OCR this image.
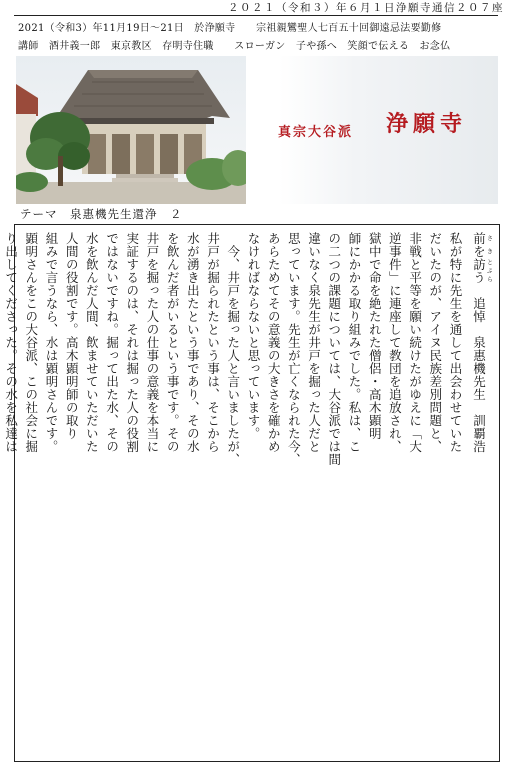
２０２１（令和３）年６月１日浄願寺通信２０７座
2021（令和3）年11月19日～21日　於浄願寺　　宗祖親鸞聖人七百五十回御遠忌法要勤修
講師　酒井義一郎　東京教区　存明寺住職　　スローガン　子や孫へ　笑顔で伝える　お念仏
真宗大谷派 浄願寺
テーマ　泉惠機先生還浄　２
前を さき訪う とぶら　追悼　泉惠機先生　訓覇浩
私が特に先生を通して出会わせていた
だいたのが、アイヌ民族差別問題と、
非戦と平等を願い続けたがゆえに「大
逆事件」に連座して教団を追放され、
獄中で命を絶たれた僧侶・高木顕明
師にかかる取り組みでした。私は、こ
の二つの課題については、大谷派では間
違いなく泉先生が井戸を掘った人だと
思っています。先生が亡くなられた今、
あらためてその意義の大きさを確かめ
なければならないと思っています。
　今、井戸を掘った人と言いましたが、
井戸が掘られたという事は、そこから
水が湧き出たという事であり、その水
を飲んだ者がいるという事です。その
井戸を掘った人の仕事の意義を本当に
実証するのは、それは掘った人の役割
ではないですね。掘って出た水、その
水を飲んだ人間、飲ませていただいた
人間の役割です。高木顕明師の取り
組みで言うなら、水は顕明さんです。
顕明さんをこの大谷派、この社会に掘
り出してくださった。その水を私達は
